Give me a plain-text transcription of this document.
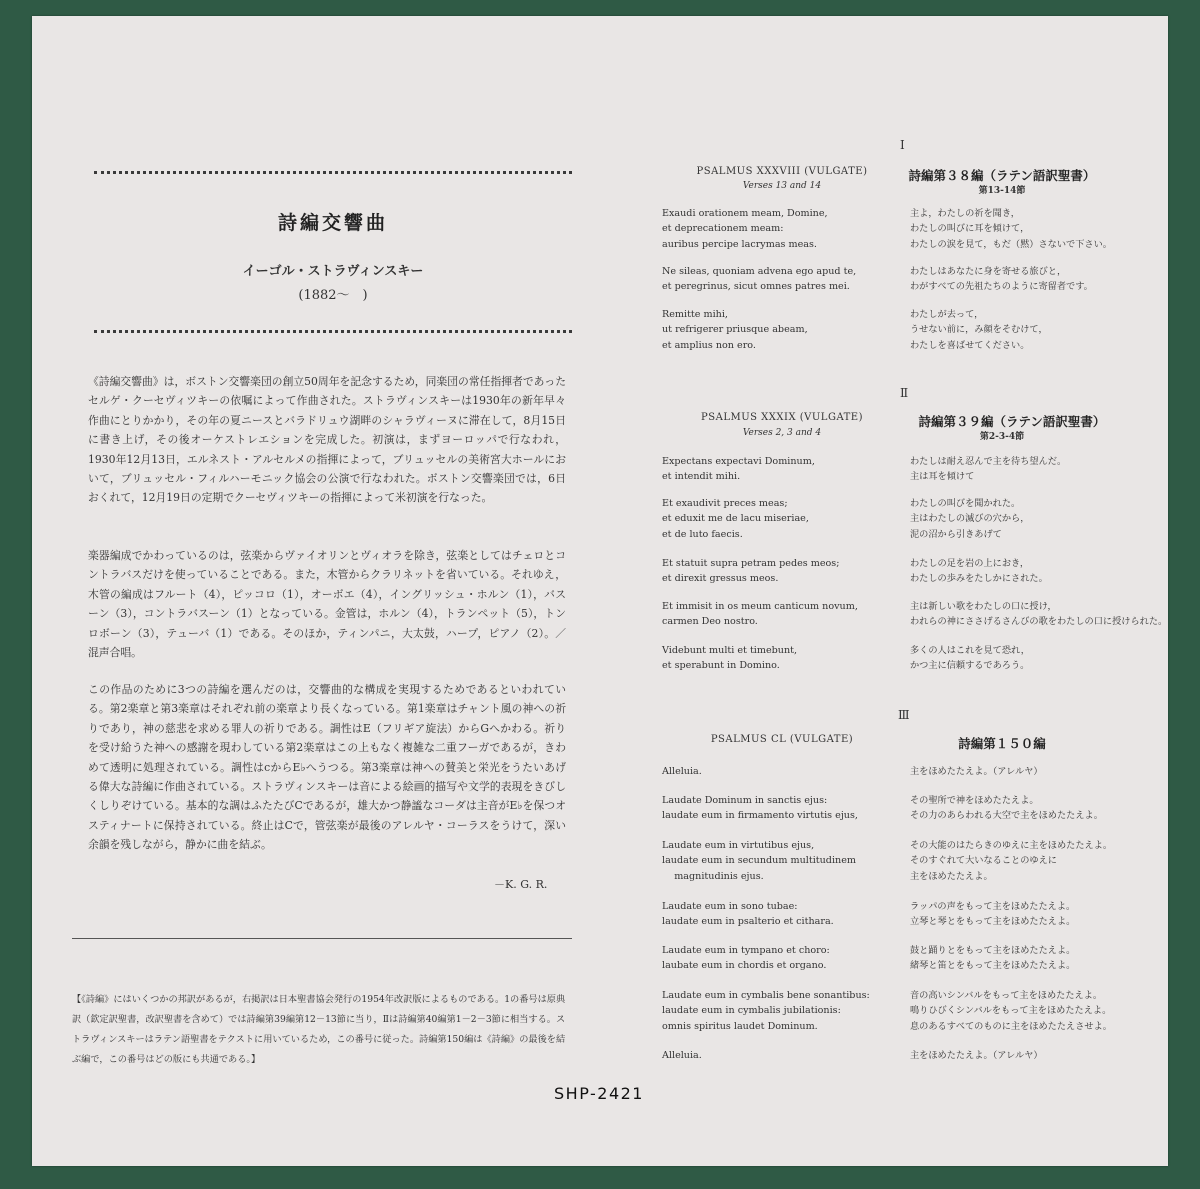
詩編交響曲
イーゴル・ストラヴィンスキー
(1882～　)

《詩編交響曲》は，ボストン交響楽団の創立50周年を記念するため，同楽団の常任指揮者であったセルゲ・クーセヴィツキーの依嘱によって作曲された。ストラヴィンスキーは1930年の新年早々作曲にとりかかり，その年の夏ニースとバラドリュウ湖畔のシャラヴィーヌに滞在して，8月15日に書き上げ，その後オーケストレエションを完成した。初演は，まずヨーロッパで行なわれ，1930年12月13日，エルネスト・アルセルメの指揮によって，ブリュッセルの美術宮大ホールにおいて，ブリュッセル・フィルハーモニック協会の公演で行なわれた。ボストン交響楽団では，6日おくれて，12月19日の定期でクーセヴィツキーの指揮によって米初演を行なった。

楽器編成でかわっているのは，弦楽からヴァイオリンとヴィオラを除き，弦楽としてはチェロとコントラバスだけを使っていることである。また，木管からクラリネットを省いている。それゆえ，木管の編成はフルート（4），ピッコロ（1），オーボエ（4），イングリッシュ・ホルン（1），バスーン（3），コントラバスーン（1）となっている。金管は，ホルン（4），トランペット（5），トンロボーン（3），テューバ（1）である。そのほか，ティンパニ，大太鼓，ハープ，ピアノ（2）。／混声合唱。

この作品のために3つの詩編を選んだのは，交響曲的な構成を実現するためであるといわれている。第2楽章と第3楽章はそれぞれ前の楽章より長くなっている。第1楽章はチャント風の神への祈りであり，神の慈悲を求める罪人の祈りである。調性はE（フリギア旋法）からGへかわる。祈りを受け給うた神への感謝を現わしている第2楽章はこの上もなく複雑な二重フーガであるが，きわめて透明に処理されている。調性はcからE♭へうつる。第3楽章は神への賛美と栄光をうたいあげる偉大な詩編に作曲されている。ストラヴィンスキーは音による絵画的描写や文学的表現をきびしくしりぞけている。基本的な調はふたたびCであるが，雄大かつ静謐なコーダは主音がE♭を保つオスティナートに保持されている。終止はCで，管弦楽が最後のアレルヤ・コーラスをうけて，深い余韻を残しながら，静かに曲を結ぶ。

－K. G. R.
【《詩編》にはいくつかの邦訳があるが，右掲訳は日本聖書協会発行の1954年改訳版によるものである。1の番号は原典訳（欽定訳聖書，改訳聖書を含めて）では詩編第39編第12－13節に当り，Ⅱは詩編第40編第1－2－3節に相当する。ストラヴィンスキーはラテン語聖書をテクストに用いているため，この番号に従った。詩編第150編は《詩編》の最後を結ぶ編で，この番号はどの版にも共通である。】
I
PSALMUS XXXVIII (VULGATE)
Verses 13 and 14
詩編第３８編（ラテン語訳聖書）
第13-14節
Exaudi orationem meam, Domine,
et deprecationem meam:
auribus percipe lacrymas meas.
Ne sileas, quoniam advena ego apud te,
et peregrinus, sicut omnes patres mei.
Remitte mihi,
ut refrigerer priusque abeam,
et amplius non ero.
主よ，わたしの祈を聞き，
わたしの叫びに耳を傾けて，
わたしの涙を見て，もだ（黙）さないで下さい。
わたしはあなたに身を寄せる旅びと，
わがすべての先祖たちのように寄留者です。
わたしが去って，
うせない前に，み顔をそむけて，
わたしを喜ばせてください。
Ⅱ
PSALMUS XXXIX (VULGATE)
Verses 2, 3 and 4
詩編第３９編（ラテン語訳聖書）
第2-3-4節
Expectans expectavi Dominum,
et intendit mihi.
Et exaudivit preces meas;
et eduxit me de lacu miseriae,
et de luto faecis.
Et statuit supra petram pedes meos;
et direxit gressus meos.
Et immisit in os meum canticum novum,
carmen Deo nostro.
Videbunt multi et timebunt,
et sperabunt in Domino.
わたしは耐え忍んで主を待ち望んだ。
主は耳を傾けて
わたしの叫びを聞かれた。
主はわたしの滅びの穴から，
泥の沼から引きあげて
わたしの足を岩の上におき，
わたしの歩みをたしかにされた。
主は新しい歌をわたしの口に授け，
われらの神にささげるさんびの歌をわたしの口に授けられた。
多くの人はこれを見て恐れ，
かつ主に信頼するであろう。
Ⅲ
PSALMUS CL (VULGATE)	詩編第１５０編
Alleluia.
Laudate Dominum in sanctis ejus:
laudate eum in firmamento virtutis ejus,
Laudate eum in virtutibus ejus,
laudate eum in secundum multitudinem
magnitudinis ejus.
Laudate eum in sono tubae:
laudate eum in psalterio et cithara.
Laudate eum in tympano et choro:
laubate eum in chordis et organo.
Laudate eum in cymbalis bene sonantibus:
laudate eum in cymbalis jubilationis:
omnis spiritus laudet Dominum.
Alleluia.
主をほめたたえよ。（アレルヤ）
その聖所で神をほめたたえよ。
その力のあらわれる大空で主をほめたたえよ。
その大能のはたらきのゆえに主をほめたたえよ。
そのすぐれて大いなることのゆえに
主をほめたたえよ。
ラッパの声をもって主をほめたたえよ。
立琴と琴とをもって主をほめたたえよ。
鼓と踊りとをもって主をほめたたえよ。
緒琴と笛とをもって主をほめたたえよ。
音の高いシンバルをもって主をほめたたえよ。
鳴りひびくシンバルをもって主をほめたたえよ。
息のあるすべてのものに主をほめたたえさせよ。
主をほめたたえよ。（アレルヤ）
SHP-2421
